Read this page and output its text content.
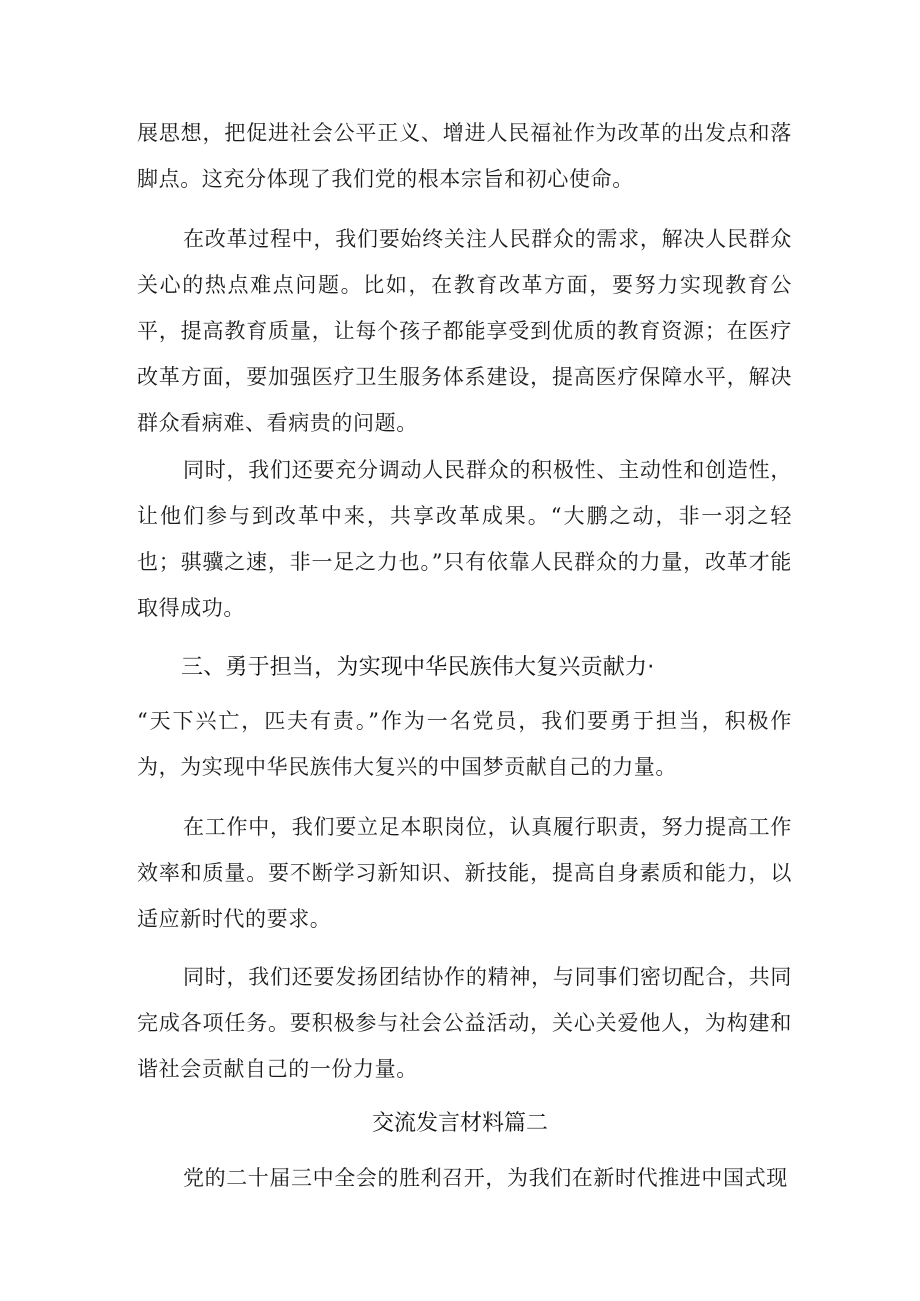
展思想，把促进社会公平正义、增进人民福祉作为改革的出发点和落脚点。这充分体现了我们党的根本宗旨和初心使命。

在改革过程中，我们要始终关注人民群众的需求，解决人民群众关心的热点难点问题。比如，在教育改革方面，要努力实现教育公平，提高教育质量，让每个孩子都能享受到优质的教育资源；在医疗改革方面，要加强医疗卫生服务体系建设，提高医疗保障水平，解决群众看病难、看病贵的问题。

同时，我们还要充分调动人民群众的积极性、主动性和创造性，让他们参与到改革中来，共享改革成果。“大鹏之动，非一羽之轻也；骐骥之速，非一足之力也。”只有依靠人民群众的力量，改革才能取得成功。

三、勇于担当，为实现中华民族伟大复兴贡献力·

“天下兴亡，匹夫有责。”作为一名党员，我们要勇于担当，积极作为，为实现中华民族伟大复兴的中国梦贡献自己的力量。

在工作中，我们要立足本职岗位，认真履行职责，努力提高工作效率和质量。要不断学习新知识、新技能，提高自身素质和能力，以适应新时代的要求。

同时，我们还要发扬团结协作的精神，与同事们密切配合，共同完成各项任务。要积极参与社会公益活动，关心关爱他人，为构建和谐社会贡献自己的一份力量。

交流发言材料篇二

党的二十届三中全会的胜利召开，为我们在新时代推进中国式现
